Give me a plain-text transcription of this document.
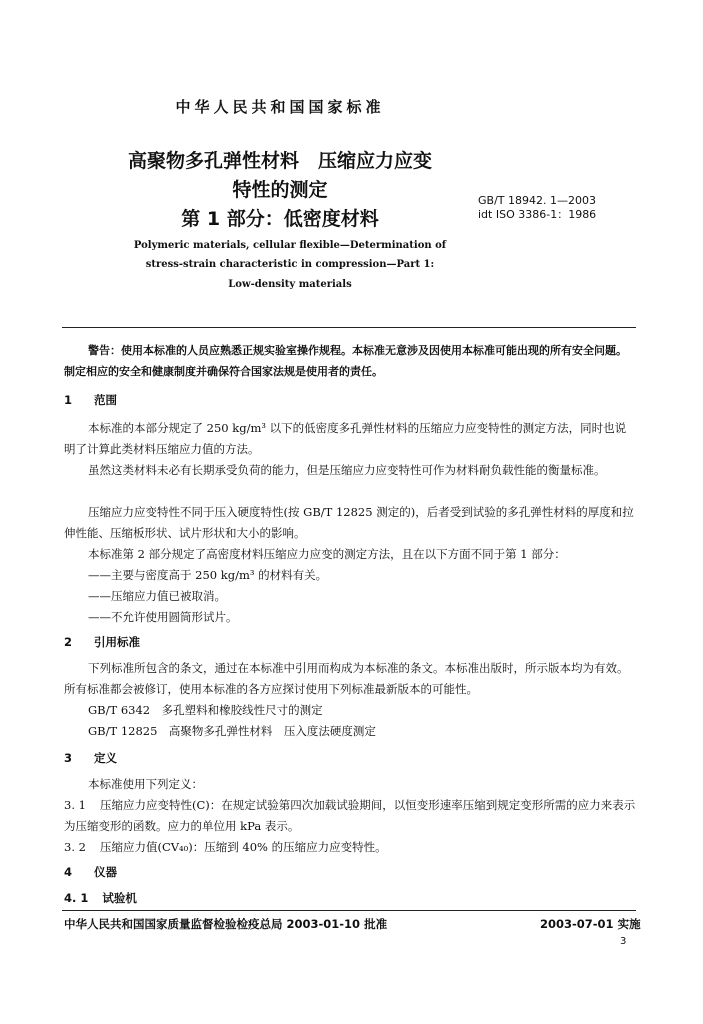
中华人民共和国国家标准
高聚物多孔弹性材料　压缩应力应变
特性的测定
第 1 部分：低密度材料
GB/T 18942. 1—2003
idt ISO 3386-1：1986
Polymeric materials, cellular flexible—Determination of
stress-strain characteristic in compression—Part 1:
Low-density materials
警告：使用本标准的人员应熟悉正规实验室操作规程。本标准无意涉及因使用本标准可能出现的所有安全问题。制定相应的安全和健康制度并确保符合国家法规是使用者的责任。
1 范围
本标准的本部分规定了 250 kg/m³ 以下的低密度多孔弹性材料的压缩应力应变特性的测定方法，同时也说明了计算此类材料压缩应力值的方法。
虽然这类材料未必有长期承受负荷的能力，但是压缩应力应变特性可作为材料耐负载性能的衡量标准。
压缩应力应变特性不同于压入硬度特性(按 GB/T 12825 测定的)，后者受到试验的多孔弹性材料的厚度和拉伸性能、压缩板形状、试片形状和大小的影响。
本标准第 2 部分规定了高密度材料压缩应力应变的测定方法，且在以下方面不同于第 1 部分：
——主要与密度高于 250 kg/m³ 的材料有关。
——压缩应力值已被取消。
——不允许使用圆筒形试片。
2 引用标准
下列标准所包含的条文，通过在本标准中引用而构成为本标准的条文。本标准出版时，所示版本均为有效。所有标准都会被修订，使用本标准的各方应探讨使用下列标准最新版本的可能性。
GB/T 6342　多孔塑料和橡胶线性尺寸的测定
GB/T 12825　高聚物多孔弹性材料　压入度法硬度测定
3 定义
本标准使用下列定义：
3. 1 压缩应力应变特性(C)：在规定试验第四次加载试验期间，以恒变形速率压缩到规定变形所需的应力来表示为压缩变形的函数。应力的单位用 kPa 表示。
3. 2 压缩应力值(CV₄₀)：压缩到 40% 的压缩应力应变特性。
4 仪器
4. 1 试验机
中华人民共和国国家质量监督检验检疫总局 2003-01-10 批准	2003-07-01 实施
3
